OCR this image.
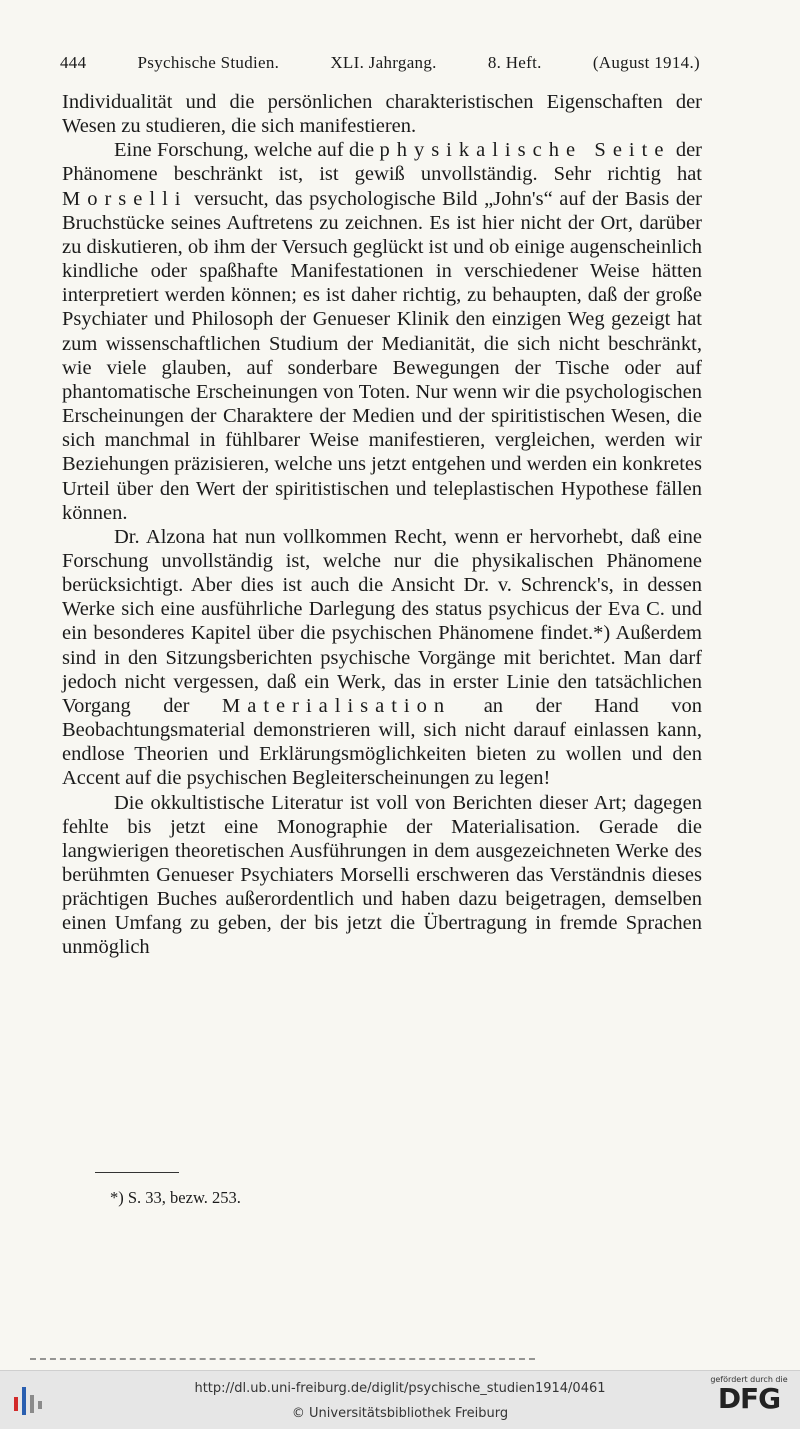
444	Psychische Studien.	XLI. Jahrgang.	8. Heft.	(August 1914.)

Individualität und die persönlichen charakteristischen Eigenschaften der Wesen zu studieren, die sich manifestieren.

Eine Forschung, welche auf die physikalische Seite der Phänomene beschränkt ist, ist gewiß unvollständig. Sehr richtig hat Morselli versucht, das psychologische Bild „John's“ auf der Basis der Bruchstücke seines Auftretens zu zeichnen. Es ist hier nicht der Ort, darüber zu diskutieren, ob ihm der Versuch geglückt ist und ob einige augenscheinlich kindliche oder spaßhafte Manifestationen in verschiedener Weise hätten interpretiert werden können; es ist daher richtig, zu behaupten, daß der große Psychiater und Philosoph der Genueser Klinik den einzigen Weg gezeigt hat zum wissenschaftlichen Studium der Medianität, die sich nicht beschränkt, wie viele glauben, auf sonderbare Bewegungen der Tische oder auf phantomatische Erscheinungen von Toten. Nur wenn wir die psychologischen Erscheinungen der Charaktere der Medien und der spiritistischen Wesen, die sich manchmal in fühlbarer Weise manifestieren, vergleichen, werden wir Beziehungen präzisieren, welche uns jetzt entgehen und werden ein konkretes Urteil über den Wert der spiritistischen und teleplastischen Hypothese fällen können.

Dr. Alzona hat nun vollkommen Recht, wenn er hervorhebt, daß eine Forschung unvollständig ist, welche nur die physikalischen Phänomene berücksichtigt. Aber dies ist auch die Ansicht Dr. v. Schrenck's, in dessen Werke sich eine ausführliche Darlegung des status psychicus der Eva C. und ein besonderes Kapitel über die psychischen Phänomene findet.*) Außerdem sind in den Sitzungsberichten psychische Vorgänge mit berichtet. Man darf jedoch nicht vergessen, daß ein Werk, das in erster Linie den tatsächlichen Vorgang der Materialisation an der Hand von Beobachtungsmaterial demonstrieren will, sich nicht darauf einlassen kann, endlose Theorien und Erklärungsmöglichkeiten bieten zu wollen und den Accent auf die psychischen Begleiterscheinungen zu legen!

Die okkultistische Literatur ist voll von Berichten dieser Art; dagegen fehlte bis jetzt eine Monographie der Materialisation. Gerade die langwierigen theoretischen Ausführungen in dem ausgezeichneten Werke des berühmten Genueser Psychiaters Morselli erschweren das Verständnis dieses prächtigen Buches außerordentlich und haben dazu beigetragen, demselben einen Umfang zu geben, der bis jetzt die Übertragung in fremde Sprachen unmöglich

*) S. 33, bezw. 253.
http://dl.ub.uni-freiburg.de/diglit/psychische_studien1914/0461
© Universitätsbibliothek Freiburg
gefördert durch die
DFG
